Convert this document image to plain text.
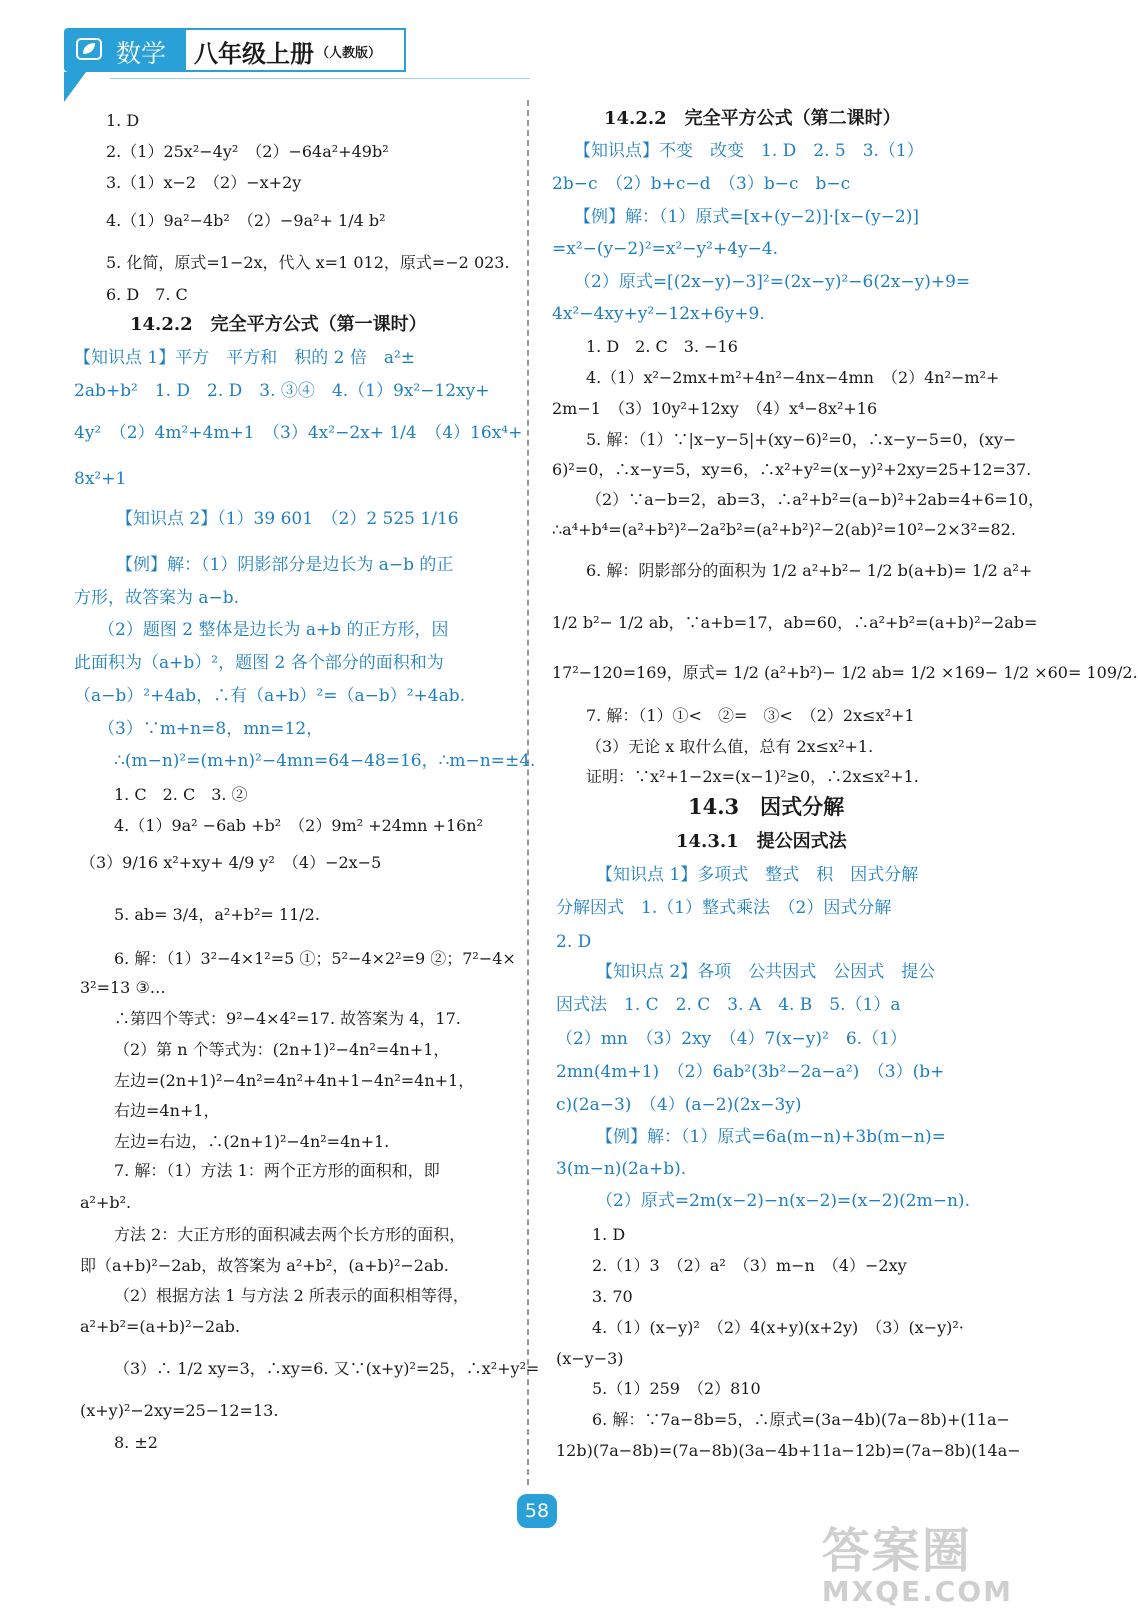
数学 八年级上册 （人教版）
1. D
2.（1）25x²−4y²　（2）−64a²+49b²
3.（1）x−2　（2）−x+2y
4.（1）9a²−4b²　（2）−9a²+ 1/4 b²
5. 化简，原式=1−2x，代入 x=1 012，原式=−2 023.
6. D　7. C
14.2.2　完全平方公式（第一课时）
【知识点 1】平方　平方和　积的 2 倍　a²±
2ab+b²　1. D　2. D　3. ③④　4.（1）9x²−12xy+
4y²　（2）4m²+4m+1　（3）4x²−2x+ 1/4　（4）16x⁴+
8x²+1
【知识点 2】（1）39 601　（2）2 525 1/16
【例】解：（1）阴影部分是边长为 a−b 的正
方形，故答案为 a−b.
（2）题图 2 整体是边长为 a+b 的正方形，因
此面积为（a+b）²，题图 2 各个部分的面积和为
（a−b）²+4ab，∴有（a+b）²=（a−b）²+4ab.
（3）∵m+n=8，mn=12，
∴(m−n)²=(m+n)²−4mn=64−48=16，∴m−n=±4.
1. C　2. C　3. ②
4.（1）9a² −6ab +b²　（2）9m² +24mn +16n²
（3）9/16 x²+xy+ 4/9 y²　（4）−2x−5
5. ab= 3/4，a²+b²= 11/2.
6. 解：（1）3²−4×1²=5 ①；5²−4×2²=9 ②；7²−4×
3²=13 ③…
∴第四个等式：9²−4×4²=17. 故答案为 4，17.
（2）第 n 个等式为：(2n+1)²−4n²=4n+1，
左边=(2n+1)²−4n²=4n²+4n+1−4n²=4n+1，
右边=4n+1，
左边=右边，∴(2n+1)²−4n²=4n+1.
7. 解：（1）方法 1：两个正方形的面积和，即
a²+b².
方法 2：大正方形的面积减去两个长方形的面积，
即（a+b)²−2ab，故答案为 a²+b²，(a+b)²−2ab.
（2）根据方法 1 与方法 2 所表示的面积相等得，
a²+b²=(a+b)²−2ab.
（3）∴ 1/2 xy=3，∴xy=6. 又∵(x+y)²=25，∴x²+y²=
(x+y)²−2xy=25−12=13.
8. ±2
14.2.2　完全平方公式（第二课时）
【知识点】不变　改变　1. D　2. 5　3.（1）
2b−c　（2）b+c−d　（3）b−c　b−c
【例】解：（1）原式=[x+(y−2)]·[x−(y−2)]
=x²−(y−2)²=x²−y²+4y−4.
（2）原式=[(2x−y)−3]²=(2x−y)²−6(2x−y)+9=
4x²−4xy+y²−12x+6y+9.
1. D　2. C　3. −16
4.（1）x²−2mx+m²+4n²−4nx−4mn　（2）4n²−m²+
2m−1　（3）10y²+12xy　（4）x⁴−8x²+16
5. 解：（1）∵|x−y−5|+(xy−6)²=0，∴x−y−5=0，(xy−
6)²=0，∴x−y=5，xy=6，∴x²+y²=(x−y)²+2xy=25+12=37.
（2）∵a−b=2，ab=3，∴a²+b²=(a−b)²+2ab=4+6=10，
∴a⁴+b⁴=(a²+b²)²−2a²b²=(a²+b²)²−2(ab)²=10²−2×3²=82.
6. 解：阴影部分的面积为 1/2 a²+b²− 1/2 b(a+b)= 1/2 a²+
1/2 b²− 1/2 ab，∵a+b=17，ab=60，∴a²+b²=(a+b)²−2ab=
17²−120=169，原式= 1/2 (a²+b²)− 1/2 ab= 1/2 ×169− 1/2 ×60= 109/2.
7. 解：（1）①<　②=　③<　（2）2x≤x²+1
（3）无论 x 取什么值，总有 2x≤x²+1.
证明：∵x²+1−2x=(x−1)²≥0，∴2x≤x²+1.
14.3　因式分解
14.3.1　提公因式法
【知识点 1】多项式　整式　积　因式分解
分解因式　1.（1）整式乘法　（2）因式分解
2. D
【知识点 2】各项　公共因式　公因式　提公
因式法　1. C　2. C　3. A　4. B　5.（1）a
（2）mn　（3）2xy　（4）7(x−y)²　6.（1）
2mn(4m+1)　（2）6ab²(3b²−2a−a²)　（3）(b+
c)(2a−3)　（4）(a−2)(2x−3y)
【例】解：（1）原式=6a(m−n)+3b(m−n)=
3(m−n)(2a+b).
（2）原式=2m(x−2)−n(x−2)=(x−2)(2m−n).
1. D
2.（1）3　（2）a²　（3）m−n　（4）−2xy
3. 70
4.（1）(x−y)²　（2）4(x+y)(x+2y)　（3）(x−y)²·
(x−y−3)
5.（1）259　（2）810
6. 解：∵7a−8b=5，∴原式=(3a−4b)(7a−8b)+(11a−
12b)(7a−8b)=(7a−8b)(3a−4b+11a−12b)=(7a−8b)(14a−
58
答案圈
MXQE.COM
